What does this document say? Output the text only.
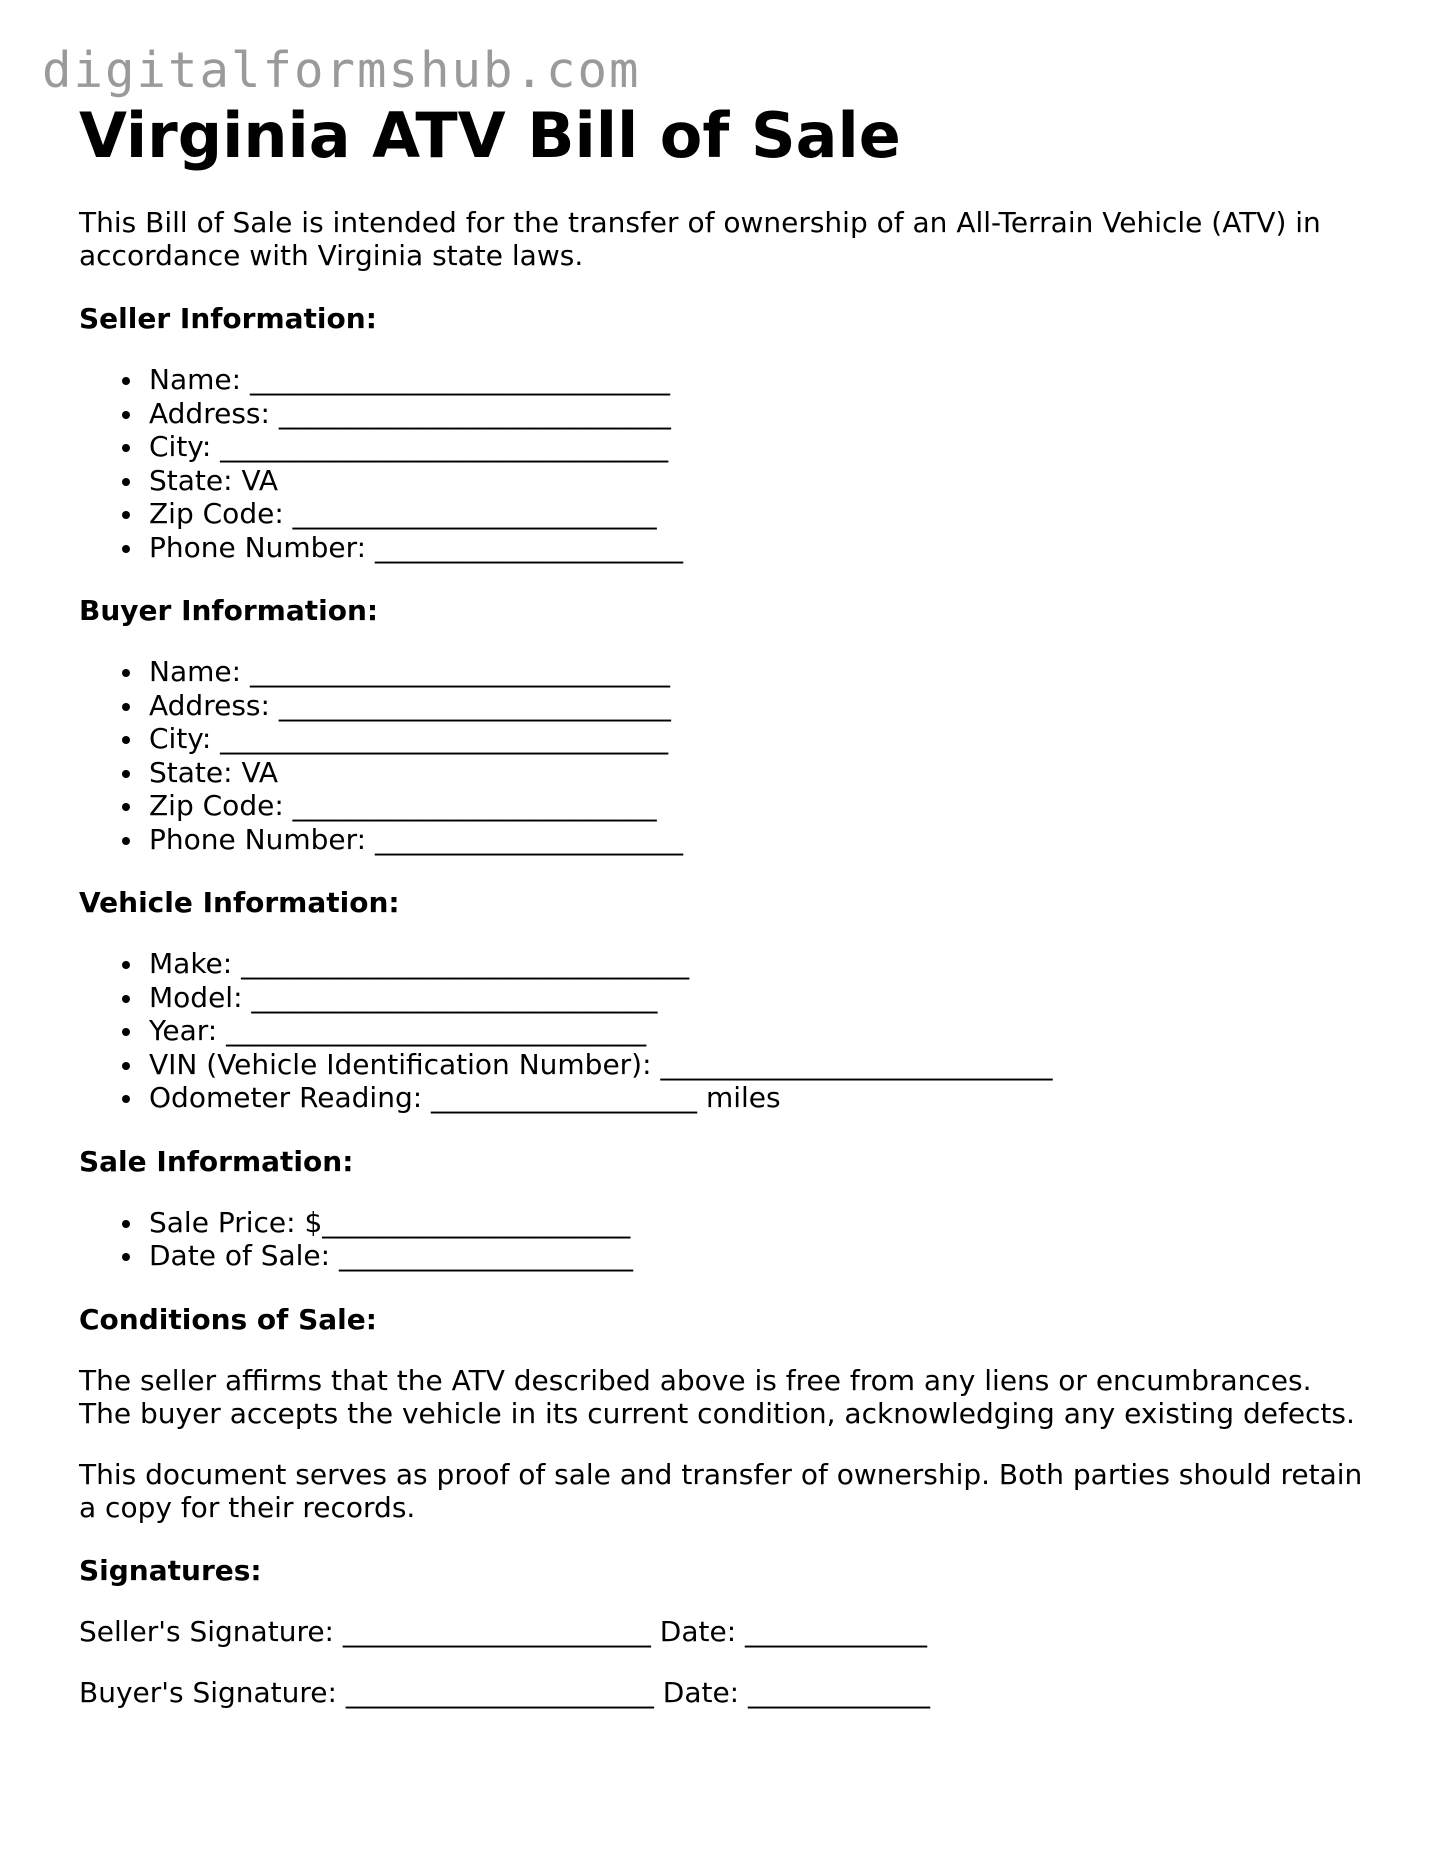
digitalformshub.com
Virginia ATV Bill of Sale

This Bill of Sale is intended for the transfer of ownership of an All-Terrain Vehicle (ATV) in accordance with Virginia state laws.

Seller Information:
Name: ______________________________
Address: ____________________________
City: ________________________________
State: VA
Zip Code: __________________________
Phone Number: ______________________
Buyer Information:
Name: ______________________________
Address: ____________________________
City: ________________________________
State: VA
Zip Code: __________________________
Phone Number: ______________________
Vehicle Information:
Make: ________________________________
Model: _____________________________
Year: ______________________________
VIN (Vehicle Identification Number): ____________________________
Odometer Reading: ___________________ miles
Sale Information:
Sale Price: $______________________
Date of Sale: _____________________
Conditions of Sale:

The seller affirms that the ATV described above is free from any liens or encumbrances. The buyer accepts the vehicle in its current condition, acknowledging any existing defects.

This document serves as proof of sale and transfer of ownership. Both parties should retain a copy for their records.

Signatures:
Seller's Signature: ______________________ Date: _____________
Buyer's Signature: ______________________ Date: _____________
